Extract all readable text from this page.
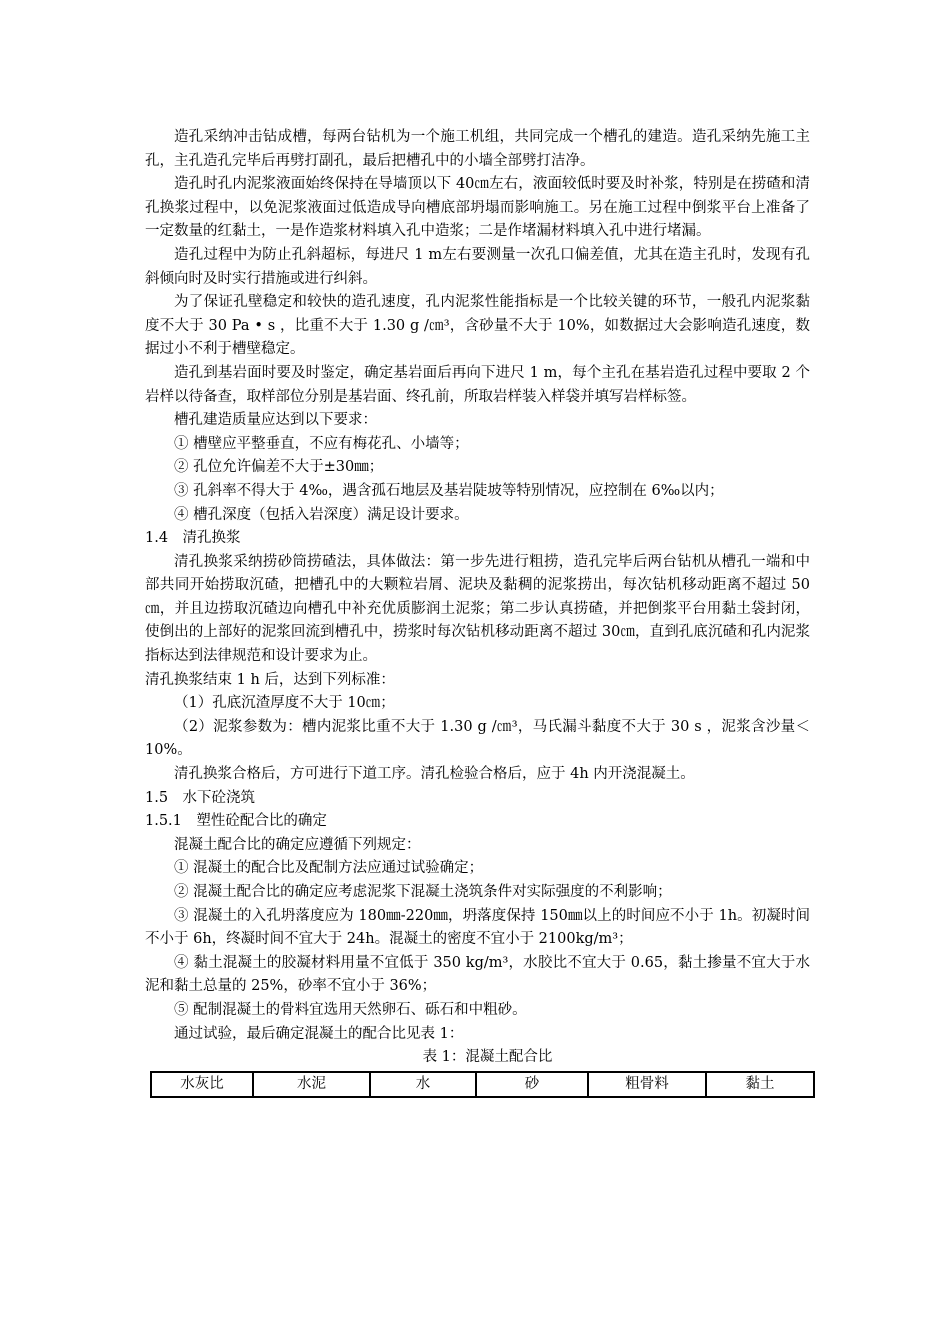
造孔采纳冲击钻成槽，每两台钻机为一个施工机组，共同完成一个槽孔的建造。造孔采纳先施工主孔，主孔造孔完毕后再劈打副孔，最后把槽孔中的小墙全部劈打洁净。

造孔时孔内泥浆液面始终保持在导墙顶以下 40㎝左右，液面较低时要及时补浆，特别是在捞碴和清孔换浆过程中，以免泥浆液面过低造成导向槽底部坍塌而影响施工。另在施工过程中倒浆平台上准备了一定数量的红黏土，一是作造浆材料填入孔中造浆；二是作堵漏材料填入孔中进行堵漏。

造孔过程中为防止孔斜超标，每进尺 1 m左右要测量一次孔口偏差值，尤其在造主孔时，发现有孔斜倾向时及时实行措施或进行纠斜。

为了保证孔壁稳定和较快的造孔速度，孔内泥浆性能指标是一个比较关键的环节，一般孔内泥浆黏度不大于 30 Pa • s ，比重不大于 1.30 g /㎝³，含砂量不大于 10%，如数据过大会影响造孔速度，数据过小不利于槽壁稳定。

造孔到基岩面时要及时鉴定，确定基岩面后再向下进尺 1 m，每个主孔在基岩造孔过程中要取 2 个岩样以待备查，取样部位分别是基岩面、终孔前，所取岩样装入样袋并填写岩样标签。

槽孔建造质量应达到以下要求：

① 槽壁应平整垂直，不应有梅花孔、小墙等；

② 孔位允许偏差不大于±30㎜；

③ 孔斜率不得大于 4‰，遇含孤石地层及基岩陡坡等特别情况，应控制在 6‰以内；

④ 槽孔深度（包括入岩深度）满足设计要求。

1.4　清孔换浆

清孔换浆采纳捞砂筒捞碴法，具体做法：第一步先进行粗捞，造孔完毕后两台钻机从槽孔一端和中部共同开始捞取沉碴，把槽孔中的大颗粒岩屑、泥块及黏稠的泥浆捞出，每次钻机移动距离不超过 50㎝，并且边捞取沉碴边向槽孔中补充优质膨润土泥浆；第二步认真捞碴，并把倒浆平台用黏土袋封闭，使倒出的上部好的泥浆回流到槽孔中，捞浆时每次钻机移动距离不超过 30㎝，直到孔底沉碴和孔内泥浆指标达到法律规范和设计要求为止。

清孔换浆结束 1 h 后，达到下列标准：

（1）孔底沉渣厚度不大于 10㎝；

（2）泥浆参数为：槽内泥浆比重不大于 1.30 g /㎝³，马氏漏斗黏度不大于 30 s ，泥浆含沙量＜10%。

清孔换浆合格后，方可进行下道工序。清孔检验合格后，应于 4h 内开浇混凝土。

1.5　水下砼浇筑

1.5.1　塑性砼配合比的确定

混凝土配合比的确定应遵循下列规定：

① 混凝土的配合比及配制方法应通过试验确定；

② 混凝土配合比的确定应考虑泥浆下混凝土浇筑条件对实际强度的不利影响；

③ 混凝土的入孔坍落度应为 180㎜-220㎜，坍落度保持 150㎜以上的时间应不小于 1h。初凝时间不小于 6h，终凝时间不宜大于 24h。混凝土的密度不宜小于 2100kg/m³；

④ 黏土混凝土的胶凝材料用量不宜低于 350 kg/m³，水胶比不宜大于 0.65，黏土掺量不宜大于水泥和黏土总量的 25%，砂率不宜小于 36%；

⑤ 配制混凝土的骨料宜选用天然卵石、砾石和中粗砂。

通过试验，最后确定混凝土的配合比见表 1：

表 1：混凝土配合比

水灰比	水泥	水	砂	粗骨料	黏土
